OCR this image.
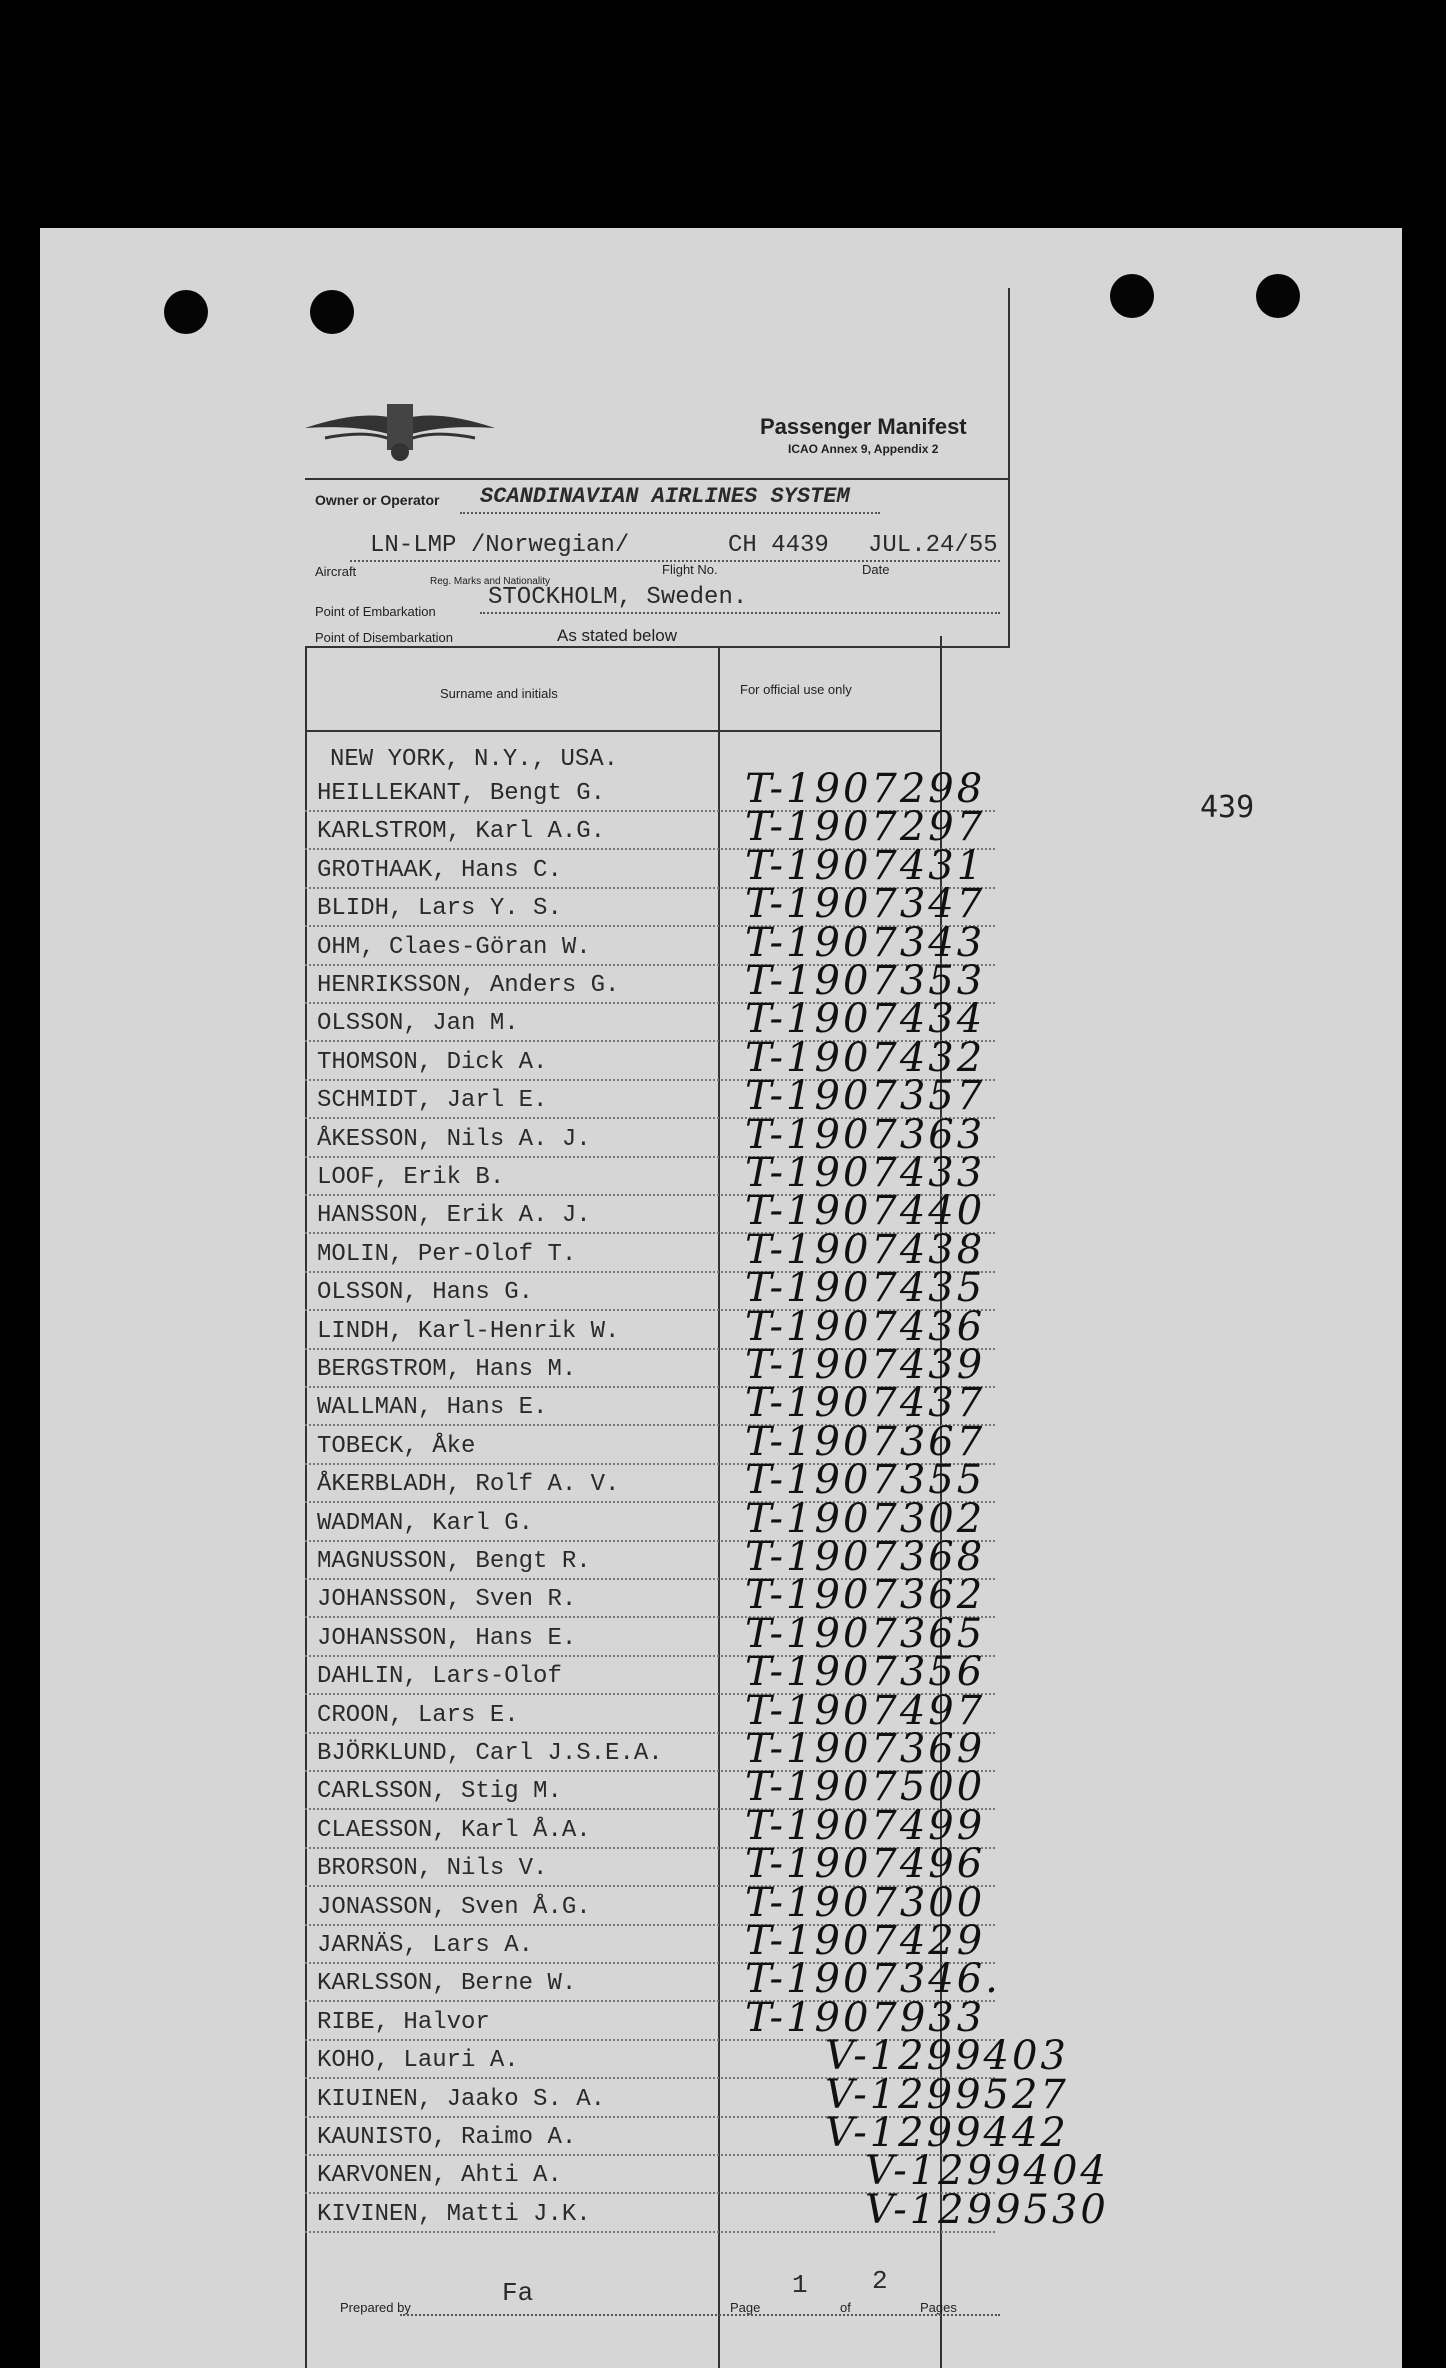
Passenger Manifest
ICAO Annex 9, Appendix 2
Owner or Operator SCANDINAVIAN AIRLINES SYSTEM
LN-LMP /Norwegian/
Aircraft
Reg. Marks and Nationality
CH 4439
Flight No.
JUL.24/55
Date
Point of Embarkation
STOCKHOLM, Sweden.
Point of Disembarkation	As stated below
Surname and initials	For official use only
439
NEW YORK, N.Y., USA.
HEILLEKANT, Bengt G.	T-1907298
KARLSTROM, Karl A.G.	T-1907297
GROTHAAK, Hans C.	T-1907431
BLIDH, Lars Y. S.	T-1907347
OHM, Claes-Göran W.	T-1907343
HENRIKSSON, Anders G.	T-1907353
OLSSON, Jan M.	T-1907434
THOMSON, Dick A.	T-1907432
SCHMIDT, Jarl E.	T-1907357
ÅKESSON, Nils A. J.	T-1907363
LOOF, Erik B.	T-1907433
HANSSON, Erik A. J.	T-1907440
MOLIN, Per-Olof T.	T-1907438
OLSSON, Hans G.	T-1907435
LINDH, Karl-Henrik W.	T-1907436
BERGSTROM, Hans M.	T-1907439
WALLMAN, Hans E.	T-1907437
TOBECK, Åke	T-1907367
ÅKERBLADH, Rolf A. V.	T-1907355
WADMAN, Karl G.	T-1907302
MAGNUSSON, Bengt R.	T-1907368
JOHANSSON, Sven R.	T-1907362
JOHANSSON, Hans E.	T-1907365
DAHLIN, Lars-Olof	T-1907356
CROON, Lars E.	T-1907497
BJÖRKLUND, Carl J.S.E.A. T-1907369
CARLSSON, Stig M.	T-1907500
CLAESSON, Karl Å.A.	T-1907499
BRORSON, Nils V.	T-1907496
JONASSON, Sven Å.G.	T-1907300
JARNÄS, Lars A.	T-1907429
KARLSSON, Berne W.	T-1907346.
RIBE, Halvor	T-1907933
KOHO, Lauri A.	V-1299403
KIUINEN, Jaako S. A.	V-1299527
KAUNISTO, Raimo A.	V-1299442
KARVONEN, Ahti A.	V-1299404
KIVINEN, Matti J.K.	V-1299530
Prepared by	Fa	Page
1
of
2
Pages
